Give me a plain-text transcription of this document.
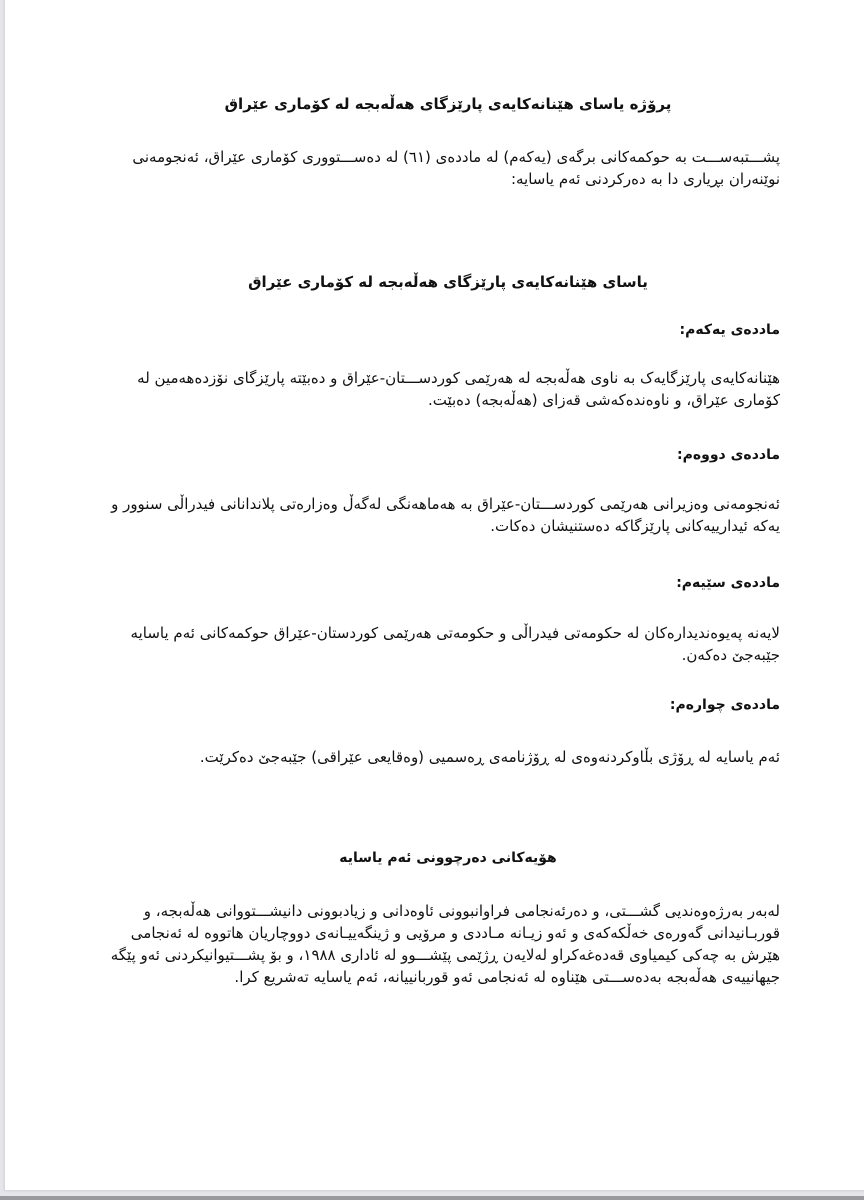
پرۆژە یاسای هێنانەکایەی پارێزگای هەڵەبجە لە کۆماری عێراق
پشـــتبەســـت بە حوکمەکانی برگەی (یەکەم) لە ماددەی (٦١) لە دەســـتووری کۆماری عێراق، ئەنجومەنی نوێنەران بڕیاری دا بە دەرکردنی ئەم یاسایە:
یاسای هێنانەکایەی پارێزگای هەڵەبجە لە کۆماری عێراق
ماددەی یەکەم:
هێنانەکایەی پارێزگایەک بە ناوی هەڵەبجە لە هەرێمی کوردســـتان-عێراق و دەبێتە پارێزگای نۆزدەهەمین لە کۆماری عێراق، و ناوەندەکەشی قەزای (هەڵەبجە) دەبێت.
ماددەی دووەم:
ئەنجومەنی وەزیرانی هەرێمی کوردســـتان-عێراق بە هەماهەنگی لەگەڵ وەزارەتی پلاندانانی فیدراڵی سنوور و یەکە ئیدارییەکانی پارێزگاکە دەستنیشان دەکات.
ماددەی سێیەم:
لایەنە پەیوەندیدارەکان لە حکومەتی فیدراڵی و حکومەتی هەرێمی کوردستان-عێراق حوکمەکانی ئەم یاسایە جێبەجێ دەکەن.
ماددەی چوارەم:
ئەم یاسایە لە ڕۆژی بڵاوکردنەوەی لە ڕۆژنامەی ڕەسمیی (وەقایعی عێراقی) جێبەجێ دەکرێت.
هۆیەکانی دەرچوونی ئەم یاسایە
لەبەر بەرژەوەندیی گشـــتی، و دەرئەنجامی فراوانبوونی ئاوەدانی و زیادبوونی دانیشـــتووانی هەڵەبجە، و قوربـانیدانی گەورەی خەڵکەکەی و ئەو زیـانە مـاددی و مرۆیی و ژینگەییـانەی دووچاریان هاتووە لە ئەنجامی هێرش بە چەکی کیمیاوی قەدەغەکراو لەلایەن ڕژێمی پێشـــوو لە ئاداری ١٩٨٨، و بۆ پشـــتیوانیکردنی ئەو پێگە جیهانییەی هەڵەبجە بەدەســـتی هێناوە لە ئەنجامی ئەو قوربانییانە، ئەم یاسایە تەشریع کرا.
